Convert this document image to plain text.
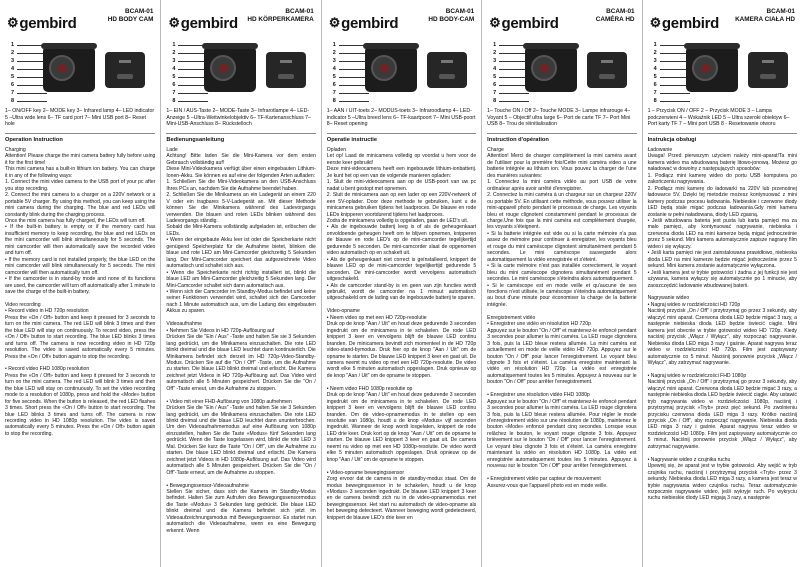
⚙gembird
BCAM-01
HD BODY CAM
1
2
3
4
5
6
7
8
1– ON/OFF key 2– MODE key 3– Infrared lamp 4– LED indicator 5 –Ultra wide lens 6– TF card port 7– Mini USB port 8– Reset hole
Operation Instruction
Charging
Attention! Please charge the mini camera battery fully before using it for the first time!
This mini camera has a built-in lithium ion battery. You can charge it in any of the following ways:
1. Connect the mini video camera to the USB port of your pc after you stop recording.
2. Connect the mini camera to a charger on a 220V network or a portable 5V charger. By using this method, you can keep using the mini camera during the charging. The blue and red LEDs will constantly blink during the charging process.
Once the mini camera has fully charged, the LEDs will turn off.
• If the built-in battery is empty or if the memory card has insufficient memory to keep recording, the blue and red LEDs on the mini camcorder will blink simultaneously for 5 seconds. The mini camcorder will then automatically save the recorded video and turn off.
• If the memory card is not installed properly, the blue LED on the mini camcorder will blink simultaneously for 5 seconds. The mini camcorder will then automatically turn off.
• If the camcorder is in stand-by mode and none of its functions are used, the camcorder will turn off automatically after 1 minute to save the charge of the built-in battery.

Video recording
• Record video in HD 720p resolution
Press the «On / Off» button and keep it pressed for 3 seconds to turn on the mini camera. The red LED will blink 3 times and then the blue LED will stay on continuously. To record video, press the «On / Off» button to start recording. The blue LED blinks 3 times and turns off. The camera is now recording video in HD 720p resolution. The video is saved automatically every 5 minutes. Press the «On / Off» button again to stop the recording.

• Record video FHD 1080p resolution
Press the «On / Off» button and keep it pressed for 3 seconds to turn on the mini camera. The red LED will blink 3 times and then the blue LED will stay on continuously. To set the video recording mode to a resolution of 1080p, press and hold the «Mode» button for five seconds. When the button is released, the red LED flashes 3 times. Short press the «On / Off» button to start recording. The blue LED blinks 3 times and turns off. The camera is now recording video in HD 1080p resolution. The video is saved automatically every 5 minutes. Press the «On / Off» button again to stop the recording.
⚙gembird
BCAM-01
HD KÖRPERKAMERA
1
2
3
4
5
6
7
8
1– EIN / AUS-Taste 2– MODE-Taste 3– Infrarotlampe 4– LED-Anzeige 5 –Ultra-Weitwinkelobjektiv 6– TF-Kartenanschluss 7– Mini-USB-Anschluss 8– Rückstelloch
Bedienungsanleitung
Lade
Achtung! Bitte laden Sie die Mini-Kamera vor dem ersten Gebrauch vollständig auf!
Diese Mini-Videokamera verfügt über einen eingebauten Lithium-Ionen-Akku. Sie können es auf eine der folgenden Arten aufladen:
1. Schließen Sie die Mini-Videokamera an den USB-Anschluss Ihres PCs an, nachdem Sie die Aufnahme beendet haben.
2. Schließen Sie die Minikamera an ein Ladegerät an einem 220 V oder ein tragbares 5-V-Ladegerät an. Mit dieser Methode können Sie die Minikamera während des Ladevorgangs verwenden. Die blauen und roten LEDs blinken während des Ladevorgangs ständig.
Sobald die Mini-Kamera vollständig aufgeladen ist, erlöschen die LEDs.
• Wenn der eingebaute Akku leer ist oder die Speicherkarte nicht genügend Speicherplatz für die Aufnahme bietet, blinken die blaue und rote LED am Mini-Camcorder gleichzeitig 5 Sekunden lang. Der Mini-Camcorder speichert das aufgezeichnete Video automatisch und schaltet sich aus.
• Wenn die Speicherkarte nicht richtig installiert ist, blinkt die blaue LED am Mini-Camcorder gleichzeitig 5 Sekunden lang. Der Mini-Camcorder schaltet sich dann automatisch aus.
• Wenn sich der Camcorder im Standby-Modus befindet und keine seiner Funktionen verwendet wird, schaltet sich der Camcorder nach 1 Minute automatisch aus, um die Ladung des eingebauten Akkus zu sparen.

Videoaufnahme
• Nehmen Sie Videos in HD 720p-Auflösung auf
Drücken Sie die "Ein / Aus" -Taste und halten Sie sie 3 Sekunden lang gedrückt, um die Minikamera einzuschalten. Die rote LED blinkt dreimal und die blaue LED leuchtet dann kontinuierlich. Die Minikamera befindet sich derzeit im HD 720p-Video-Standby-Modus. Drücken Sie auf die "On / Off" -Taste, um die Aufnahme zu starten. Die blaue LED blinkt dreimal und erlischt. Die Kamera zeichnet jetzt Videos in HD 720p-Auflösung auf. Das Video wird automatisch alle 5 Minuten gespeichert. Drücken Sie die "On / Off" -Taste erneut, um die Aufnahme zu stoppen.

• Video mit einer FHD-Auflösung von 1080p aufnehmen
Drücken Sie die "Ein / Aus" -Taste und halten Sie sie 3 Sekunden lang gedrückt, um die Minikamera einzuschalten. Die rote LED blinkt dreimal und die blaue LED leuchtet dann ununterbrochen. Um den Videoaufnahmemodus auf eine Auflösung von 1080p einzustellen, halten Sie die Taste «Modus» fünf Sekunden lang gedrückt. Wenn die Taste losgelassen wird, blinkt die rote LED 3 Mal. Drücken Sie kurz die Taste "On / Off", um die Aufnahme zu starten. Die blaue LED blinkt dreimal und erlischt. Die Kamera zeichnet jetzt Videos in HD 1080p-Auflösung auf. Das Video wird automatisch alle 5 Minuten gespeichert. Drücken Sie die "On / Off"-Taste erneut, um die Aufnahme zu stoppen.

• Bewegungssensor-Videoaufnahme
Stellen Sie sicher, dass sich die Kamera im Standby-Modus befindet. Halten Sie zum Aufrufen des Bewegungssensormodus die Taste «Modus» 3 Sekunden lang gedrückt. Die blaue LED blinkt dreimal und die Kamera befindet sich jetzt im Videoaufzeichnungsmodus mit Bewegungssensor. Es startet nun automatisch die Videoaufnahme, wenn es eine Bewegung erkennt. Wenn
⚙gembird
BCAM-01
HD BODY-CAM
1
2
3
4
5
6
7
8
1– AAN / UIT-toets 2– MODUS-toets 3– Infraroodlamp 4– LED-indicator 5 –Ultra breed lens 6– TF-kaartpoort 7– Mini USB-poort 8– Reset opening
Operatie instructie
Opladen
Let op! Laad de minicamera volledig op voordat u hem voor de eerste keer gebruikt!
Deze mini-videocamera heeft een ingebouwde lithium-ionbatterij. Je kunt het op een van de volgende manieren opladen:
1. Sluit de mini-videocamera aan op de USB-poort van uw pc nadat u bent gestopt met opnemen.
2. Sluit de minicamera aan op een lader op een 220V-netwerk of een 5V-oplader. Door deze methode te gebruiken, kunt u de minicamera gebruiken tijdens het laadproces. De blauwe en rode LEDs knipperen voortdurend tijdens het laadproces.
Zodra de minicamera volledig is opgeladen, gaan de LED's uit.
• Als de ingebouwde batterij leeg is of als de geheugenkaart onvoldoende geheugen heeft om te blijven opnemen, knipperen de blauwe en rode LED's op de mini-camcorder tegelijkertijd gedurende 5 seconden. De mini-camcorder slaat de opgenomen video automatisch op en schakelt uit.
• Als de geheugenkaart niet correct is geïnstalleerd, knippert de blauwe LED op de mini-camcorder tegelijkertijd gedurende 5 seconden. De mini-camcorder wordt vervolgens automatisch uitgeschakeld.
• Als de camcorder stand-by is en geen van zijn functies wordt gebruikt, wordt de camcorder na 1 minuut automatisch uitgeschakeld om de lading van de ingebouwde batterij te sparen.

Video-opname
• Neem video op met een HD 720p-resolutie
Druk op de knop "Aan / Uit" en houd deze gedurende 3 seconden ingedrukt om de minicamera in te schakelen. De rode LED knippert 3 keer en vervolgens blijft de blauwe LED continu branden. De minicamera bevindt zich momenteel in de HD 720p video-stand-bymodus. Druk hier op de knop "Aan / Uit" om de opname te starten. De blauwe LED knippert 3 keer en gaat uit. De camera neemt nu video op met een HD 720p-resolutie. De video wordt elke 5 minuten automatisch opgeslagen. Druk opnieuw op de knop "Aan / Uit" om de opname te stoppen.

• Neem video FHD 1080p resolutie op
Druk op de knop "Aan / Uit" en houd deze gedurende 3 seconden ingedrukt om de minicamera in te schakelen. De rode LED knippert 3 keer en vervolgens blijft de blauwe LED continu branden. Om de video-opnamemodus in te stellen op een resolutie van 1080p, houdt u de knop «Modus» vijf seconden ingedrukt. Wanneer de knop wordt losgelaten, knippert de rode LED drie keer. Druk kort op de knop "Aan / Uit" om de opname te starten. De blauwe LED knippert 3 keer en gaat uit. De camera neemt nu video op met een HD 1080p-resolutie. De video wordt elke 5 minuten automatisch opgeslagen. Druk opnieuw op de knop "Aan / Uit" om de opname te stoppen.

• Video-opname bewegingssensor
Zorg ervoor dat de camera in de standby-modus staat. Om de modus bewegingssensor in te schakelen, houdt u de knop «Modus» 3 seconden ingedrukt. De blauwe LED knippert 3 keer en de camera bevindt zich nu in de video-opnamemodus met bewegingssensor. Het start nu automatisch de video-opname als het beweging detecteert. Wanneer beweging wordt gedetecteerd, knippert de blauwe LED's drie keer en
⚙gembird
BCAM-01
CAMÉRA HD
1
2
3
4
5
6
7
8
1– Touche ON / Off 2– Touche MODE 3– Lampe infrarouge 4– Voyant 5 – Objectif ultra large 6– Port de carte TF 7– Port Mini USB 8– Trou de réinitialisation
Instruction d'opération
Charge
Attention! Merci de charger complètement la mini caméra avant de l'utiliser pour la première fois!Cette mini caméra video a une batterie intégrée au lithium ion. Vous pouvez la charger de l'une des manières suivantes:
1. Connectez la mini caméra vidéo au port USB de votre ordinateur après avoir arrêté d'enregistrer.
2. Connectez la mini caméra à un chargeur sur un chargeur 220V ou portable 5V. En utilisant cette méthode, vous pouvez utiliser la mini-appareil photo pendant le processus de charge. Les voyants bleu et rouge clignotent constamment pendant le processus de charge.Une fois que la mini caméra est complètement chargée, les voyants s'éteignent.
• Si la batterie intégrée est vide ou si la carte mémoire n'a pas assez de mémoire pour continuer à enregistrer, les voyants bleu et rouge du mini caméscope clignotent simultanément pendant 5 secondes. Le mini caméscope sauvegarde alors automatiquement la vidéo enregistrée et s'éteint.
• Si la carte mémoire n'est pas installée correctement, le voyant bleu du mini caméscope clignotera simultanément pendant 5 secondes. Le mini caméscope s'éteindra alors automatiquement.
• Si le caméscope est en mode veille et qu'aucune de ses fonctions n'est utilisée, le caméscope s'éteindra automatiquement au bout d'une minute pour économiser la charge de la batterie intégrée.

Enregistrement vidéo
• Enregistrer une vidéo en résolution HD 720p
Appuyez sur le bouton "On / Off" et maintenez-le enfoncé pendant 3 secondes pour allumer la mini caméra. La LED rouge clignotera 3 fois, puis la LED bleue restera allumée. La mini caméra est actuellement en mode de veille vidéo HD 720p. Appuyez sur le bouton "On / Off" pour lancer l'enregistrement. Le voyant bleu clignote 3 fois et s'éteint. La caméra enregistre maintenant la vidéo en résolution HD 720p. La vidéo est enregistrée automatiquement toutes les 5 minutes. Appuyez à nouveau sur le bouton "On / Off" pour arrêter l'enregistrement.

• Enregistrer une résolution vidéo FHD 1080p
Appuyez sur le bouton "On / Off" et maintenez-le enfoncé pendant 3 secondes pour allumer la mini caméra. La LED rouge clignotera 3 fois, puis la LED bleue restera allumée. Pour régler le mode d'enregistrement vidéo sur une résolution de 1080p, maintenez le bouton «Mode» enfoncé pendant cinq secondes. Lorsque vous relâchez le bouton, le voyant rouge clignote 3 fois. Appuyez brièvement sur le bouton "On / Off" pour lancer l'enregistrement. Le voyant bleu clignote 3 fois et s'éteint. La caméra enregistre maintenant la vidéo en résolution HD 1080p. La vidéo est enregistrée automatiquement toutes les 5 minutes. Appuyez à nouveau sur le bouton "On / Off" pour arrêter l'enregistrement.

• Enregistrement vidéo par capteur de mouvement
Assurez-vous que l'appareil photo est en mode veille.
⚙gembird
BCAM-01
KAMERA CIAŁA HD
1
2
3
4
5
6
7
8
1 – Przycisk ON / OFF 2 – Przycisk MODE 3 – Lampa podczerwieni 4 – Wskaźnik LED 5 – Ultra szeroki obiektyw 6– Port karty TF 7 – Mini port USB 8 - Resetowanie otworu
Instrukcja obsługi
Ładowanie
Uwaga! Przed pierwszym użyciem należy mini-aparat!Ta mini kamera wideo ma wbudowaną baterię litowo-jonową. Możesz go naładować w dowolny z następujących sposobów:
1. Podłącz mini kamerę wideo do portu USB komputera po zakończeniu nagrywania.
2. Podłącz mini kamerę do ładowarki na 220V lub przenośnej ładowarce 5V. Dzięki tej metodzie możesz kontynuować z mini kamery podczas procesu ładowania. Niebieskie i czerwone diody LED będą stale migać podczas ładowania.Gdy mini kamera zostanie w pełni naładowana, diody LED zgasną.
• Jeśli wbudowana bateria jest pusta lub karta pamięci ma za mało pamięci, aby kontynuować nagrywanie, niebieska i czerwona dioda LED na mini kamerze będą migać jednocześnie przez 5 sekund. Mini kamera automatycznie zapisze nagrany film wideo i się wyłączy.
• Jeśli karta pamięci nie jest zainstalowana prawidłowo, niebieska dioda LED na mini kamerze będzie migać jednocześnie przez 5 sekund. Mini kamera zostanie automatycznie wyłączona.
• Jeśli kamera jest w trybie gotowości i żadna z jej funkcji nie jest używana, kamera wyłączy się automatycznie po 1 minucie, aby zaoszczędzić ładowanie wbudowanej baterii.

Nagrywanie wideo
• Nagraj wideo w rozdzielczości HD 720p
Naciśnij przycisk „On / Off” i przytrzymaj go przez 3 sekundy, aby włączyć mini aparat. Czerwona dioda LED będzie migać 3 razy, a następnie niebieska dioda LED będzie świecić ciągle. Mini kamera jest obecnie w trybie gotowości wideo HD 720p. Kiedy naciśnij przycisk „Włącz / Wyłącz”, aby rozpocząć nagrywanie. Niebieska dioda LED miga 3 razy i gaśnie. Aparat nagrywa teraz wideo w rozdzielczości HD 720p. Film jest zapisywany automatycznie co 5 minut. Naciśnij ponownie przycisk „Włącz / Wyłącz”, aby zatrzymać nagrywanie.

• Nagraj wideo w rozdzielczości FHD 1080p
Naciśnij przycisk „On / Off” i przytrzymaj go przez 3 sekundy, aby włączyć mini aparat. Czerwona dioda LED będzie migać 3 razy, a następnie niebieska dioda LED będzie świecić ciągle. Aby ustawić tryb nagrywania wideo w rozdzielczości 1080p, naciśnij i przytrzymaj przycisk «Tryb» przez pięć sekund. Po zwolnieniu przycisku czerwona dioda LED miga 3 razy. Krótko naciśnij przycisk „On / Off”, aby rozpocząć nagrywanie. Niebieska dioda LED miga 3 razy i gaśnie. Aparat nagrywa teraz wideo w rozdzielczości HD 1080p. Film jest zapisywany automatycznie co 5 minut. Naciśnij ponownie przycisk „Włącz / Wyłącz”, aby zatrzymać nagrywanie.

• Nagrywanie wideo z czujnika ruchu
Upewnij się, że aparat jest w trybie gotowości. Aby wejść w tryb czujnika ruchu, naciśnij i przytrzymaj przycisk «Tryb» przez 3 sekundy. Niebieska dioda LED miga 3 razy, a kamera jest teraz w trybie nagrywania wideo czujnika ruchu. Teraz automatycznie rozpocznie nagrywanie wideo, jeśli wykryje ruch. Po wykryciu ruchu niebieskie diody LED migają 3 razy, a następnie
